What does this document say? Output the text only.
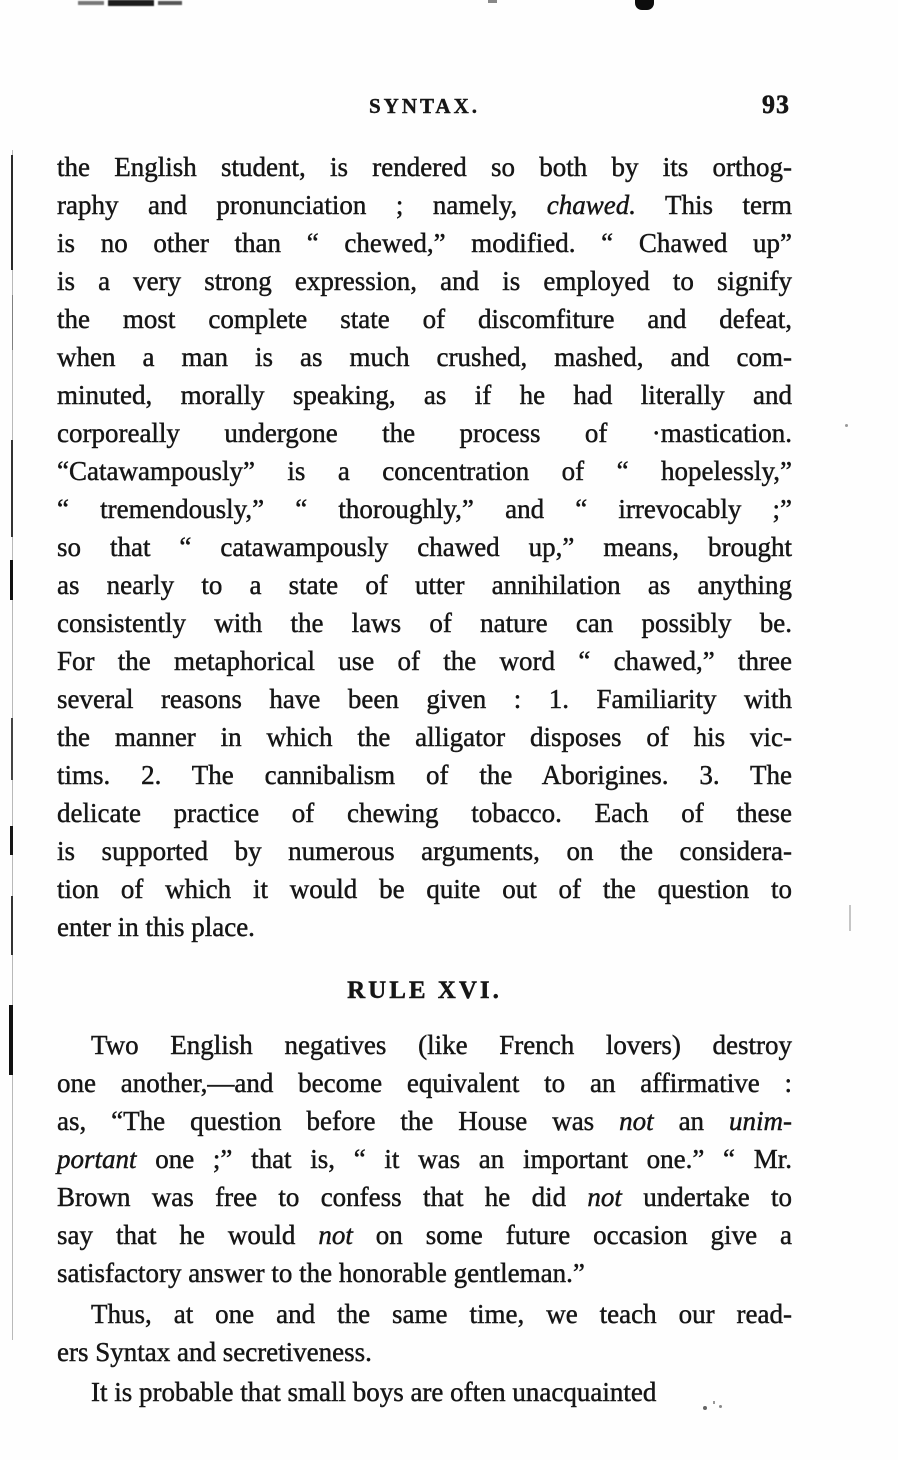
SYNTAX.	93
the English student, is rendered so both by its orthog-
raphy and pronunciation ; namely, chawed. This term
is no other than “ chewed,” modified. “ Chawed up”
is a very strong expression, and is employed to signify
the most complete state of discomfiture and defeat,
when a man is as much crushed, mashed, and com-
minuted, morally speaking, as if he had literally and
corporeally undergone the process of ·mastication.
“Catawampously” is a concentration of “ hopelessly,”
“ tremendously,” “ thoroughly,” and “ irrevocably ;”
so that “ catawampously chawed up,” means, brought
as nearly to a state of utter annihilation as anything
consistently with the laws of nature can possibly be.
For the metaphorical use of the word “ chawed,” three
several reasons have been given : 1. Familiarity with
the manner in which the alligator disposes of his vic-
tims. 2. The cannibalism of the Aborigines. 3. The
delicate practice of chewing tobacco. Each of these
is supported by numerous arguments, on the considera-
tion of which it would be quite out of the question to
enter in this place.
RULE XVI.
Two English negatives (like French lovers) destroy
one another,—and become equivalent to an affirmative :
as, “The question before the House was not an unim-
portant one ;” that is, “ it was an important one.” “ Mr.
Brown was free to confess that he did not undertake to
say that he would not on some future occasion give a
satisfactory answer to the honorable gentleman.”
Thus, at one and the same time, we teach our read-
ers Syntax and secretiveness.
It is probable that small boys are often unacquainted
